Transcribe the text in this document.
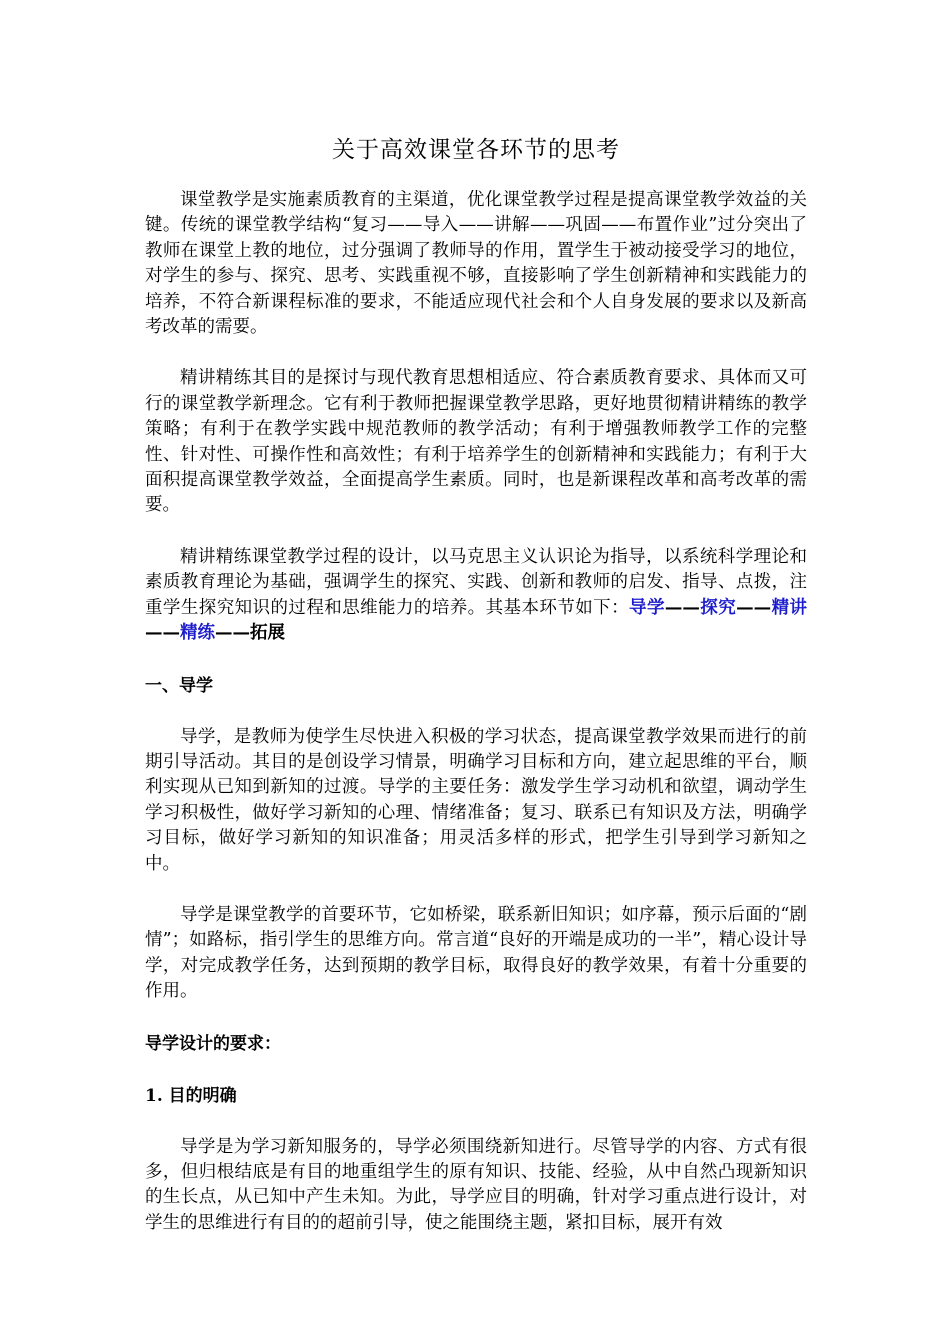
关于高效课堂各环节的思考

课堂教学是实施素质教育的主渠道，优化课堂教学过程是提高课堂教学效益的关键。传统的课堂教学结构“复习——导入——讲解——巩固——布置作业”过分突出了教师在课堂上教的地位，过分强调了教师导的作用，置学生于被动接受学习的地位，对学生的参与、探究、思考、实践重视不够，直接影响了学生创新精神和实践能力的培养，不符合新课程标准的要求，不能适应现代社会和个人自身发展的要求以及新高考改革的需要。

精讲精练其目的是探讨与现代教育思想相适应、符合素质教育要求、具体而又可行的课堂教学新理念。它有利于教师把握课堂教学思路，更好地贯彻精讲精练的教学策略；有利于在教学实践中规范教师的教学活动；有利于增强教师教学工作的完整性、针对性、可操作性和高效性；有利于培养学生的创新精神和实践能力；有利于大面积提高课堂教学效益，全面提高学生素质。同时，也是新课程改革和高考改革的需要。

精讲精练课堂教学过程的设计，以马克思主义认识论为指导，以系统科学理论和素质教育理论为基础，强调学生的探究、实践、创新和教师的启发、指导、点拨，注重学生探究知识的过程和思维能力的培养。其基本环节如下：导学——探究——精讲——精练——拓展

一、导学

导学，是教师为使学生尽快进入积极的学习状态，提高课堂教学效果而进行的前期引导活动。其目的是创设学习情景，明确学习目标和方向，建立起思维的平台，顺利实现从已知到新知的过渡。导学的主要任务：激发学生学习动机和欲望，调动学生学习积极性，做好学习新知的心理、情绪准备；复习、联系已有知识及方法，明确学习目标，做好学习新知的知识准备；用灵活多样的形式，把学生引导到学习新知之中。

导学是课堂教学的首要环节，它如桥梁，联系新旧知识；如序幕，预示后面的“剧情”；如路标，指引学生的思维方向。常言道“良好的开端是成功的一半”，精心设计导学，对完成教学任务，达到预期的教学目标，取得良好的教学效果，有着十分重要的作用。

导学设计的要求：
1. 目的明确

导学是为学习新知服务的，导学必须围绕新知进行。尽管导学的内容、方式有很多，但归根结底是有目的地重组学生的原有知识、技能、经验，从中自然凸现新知识的生长点，从已知中产生未知。为此，导学应目的明确，针对学习重点进行设计，对学生的思维进行有目的的超前引导，使之能围绕主题，紧扣目标，展开有效
